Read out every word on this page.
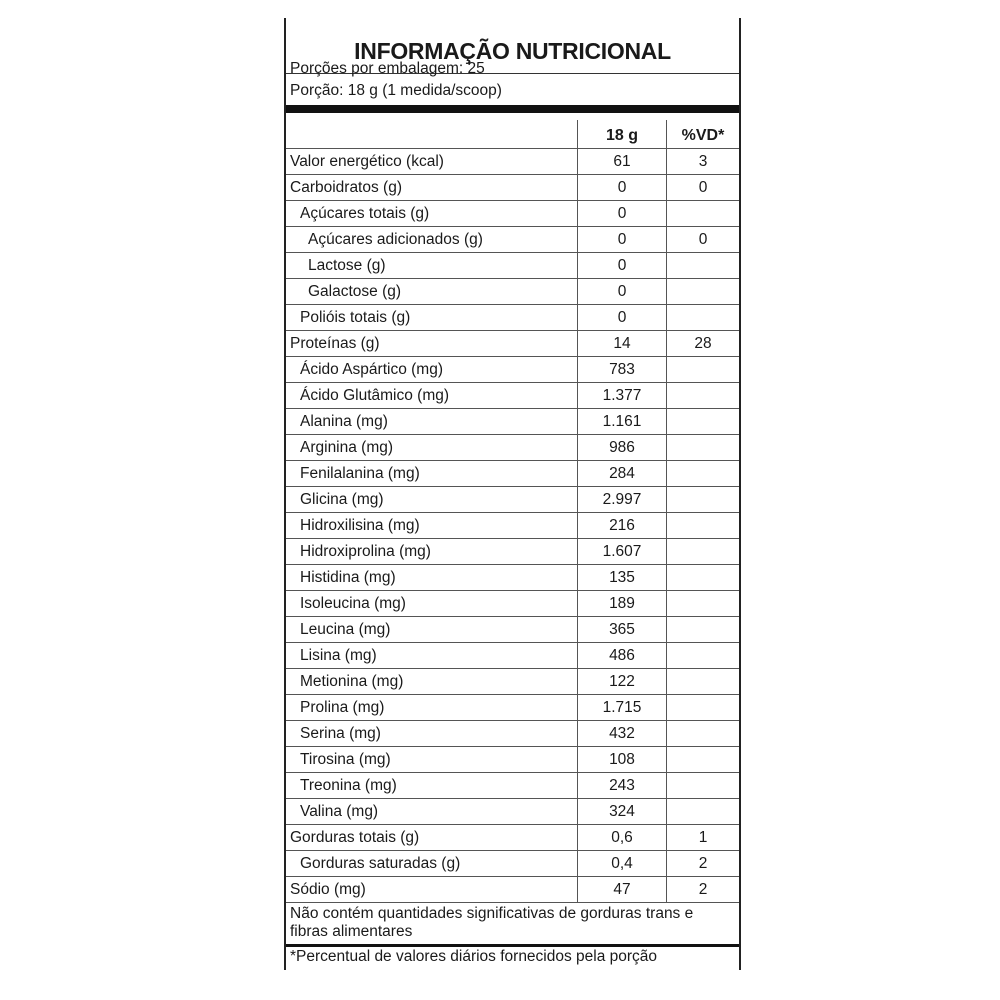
INFORMAÇÃO NUTRICIONAL
Porções por embalagem: 25
Porção: 18 g (1 medida/scoop)
	18 g	%VD*
Valor energético (kcal)	61	3
Carboidratos (g)	0	0
Açúcares totais (g)	0	
Açúcares adicionados (g)	0	0
Lactose (g)	0	
Galactose (g)	0	
Polióis totais (g)	0	
Proteínas (g)	14	28
Ácido Aspártico (mg)	783	
Ácido Glutâmico (mg)	1.377	
Alanina (mg)	1.161	
Arginina (mg)	986	
Fenilalanina (mg)	284	
Glicina (mg)	2.997	
Hidroxilisina (mg)	216	
Hidroxiprolina (mg)	1.607	
Histidina (mg)	135	
Isoleucina (mg)	189	
Leucina (mg)	365	
Lisina (mg)	486	
Metionina (mg)	122	
Prolina (mg)	1.715	
Serina (mg)	432	
Tirosina (mg)	108	
Treonina (mg)	243	
Valina (mg)	324	
Gorduras totais (g)	0,6	1
Gorduras saturadas (g)	0,4	2
Sódio (mg)	47	2
Não contém quantidades significativas de gorduras trans e fibras alimentares
*Percentual de valores diários fornecidos pela porção
